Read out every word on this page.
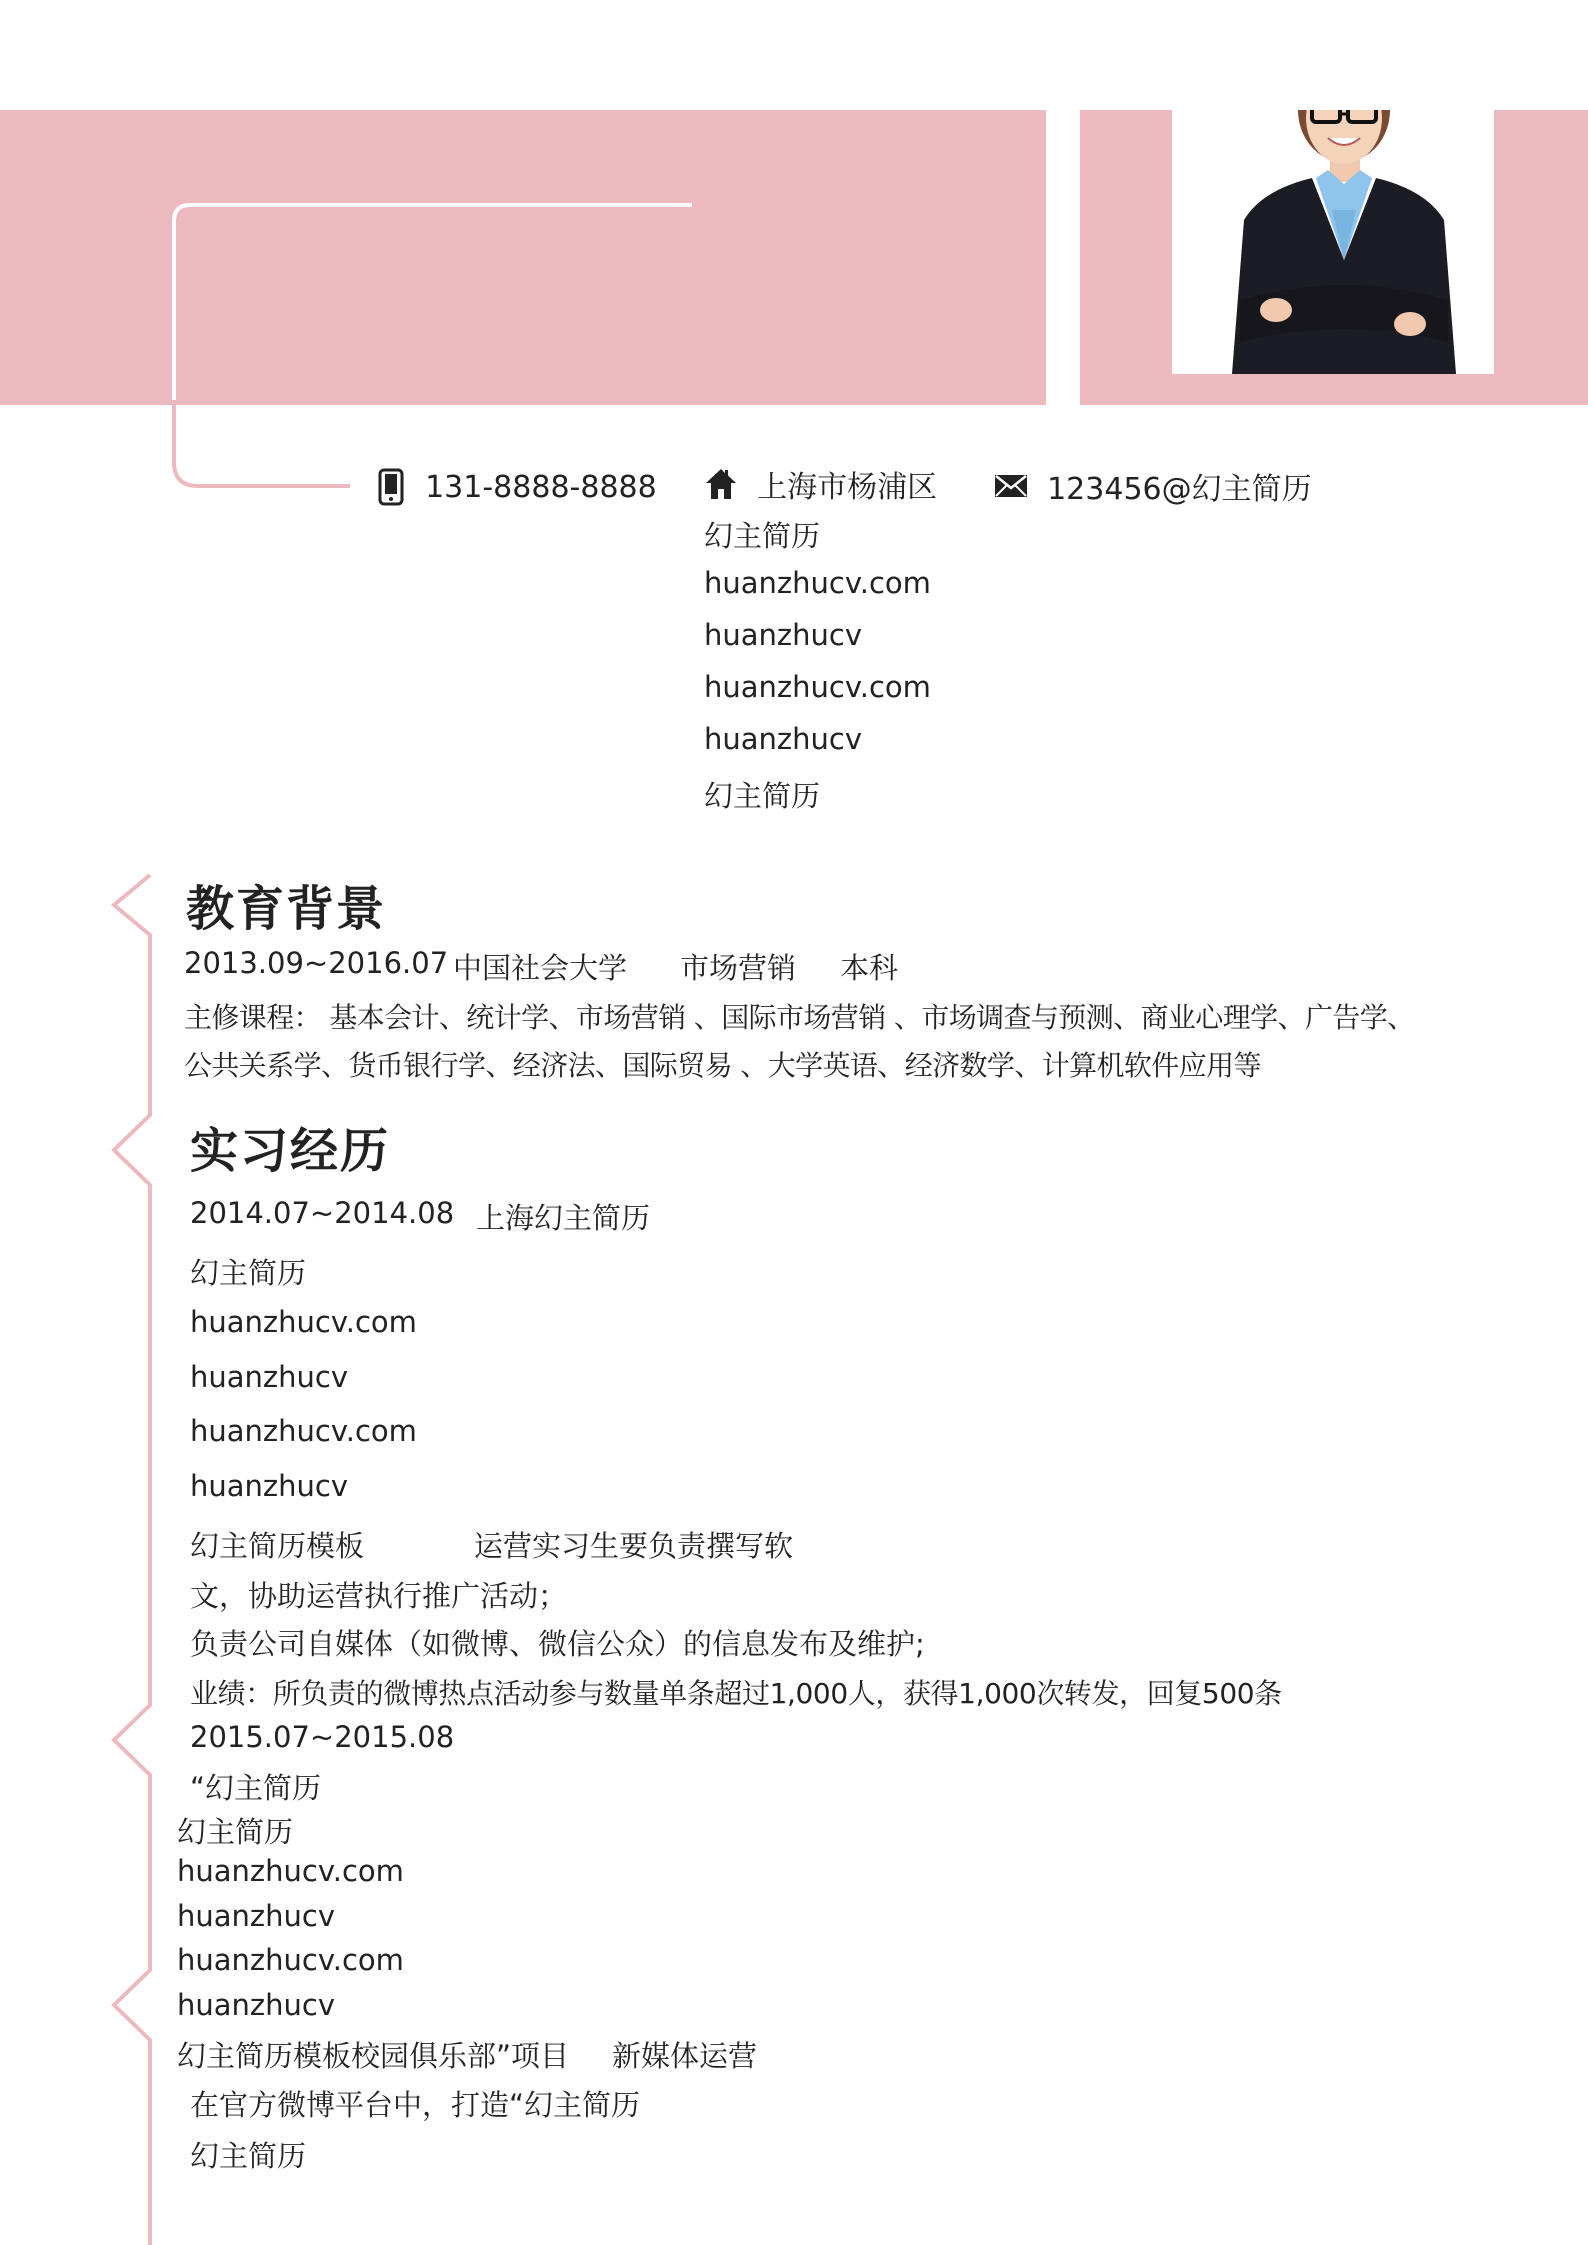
131-8888-8888	上海市杨浦区
幻主简历
huanzhucv.com
huanzhucv
huanzhucv.com
huanzhucv
幻主简历
123456@幻主简历
教育背景
2013.09~2016.07 中国社会大学 市场营销 本科
主修课程： 基本会计、统计学、市场营销 、国际市场营销 、市场调查与预测、商业心理学、广告学、
公共关系学、货币银行学、经济法、国际贸易 、大学英语、经济数学、计算机软件应用等
实习经历
2014.07~2014.08 上海幻主简历
幻主简历
huanzhucv.com
huanzhucv
huanzhucv.com
huanzhucv
幻主简历模板	运营实习生要负责撰写软
文，协助运营执行推广活动；
负责公司自媒体（如微博、微信公众）的信息发布及维护;
业绩：所负责的微博热点活动参与数量单条超过1,000人，获得1,000次转发，回复500条
2015.07~2015.08
“幻主简历
幻主简历
huanzhucv.com
huanzhucv
huanzhucv.com
huanzhucv
幻主简历模板校园俱乐部”项目 新媒体运营
在官方微博平台中，打造“幻主简历
幻主简历
